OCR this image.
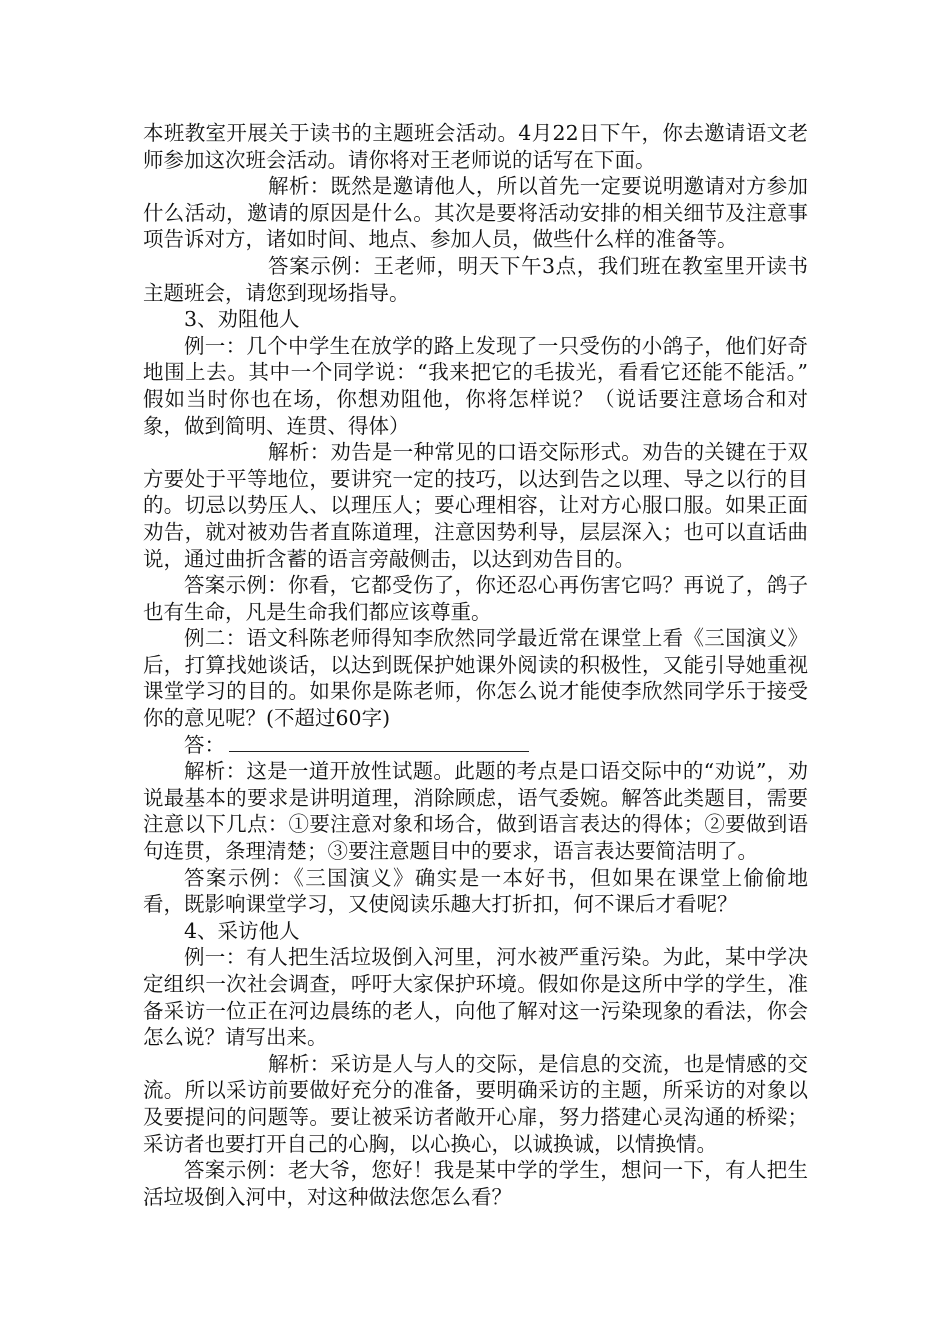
本班教室开展关于读书的主题班会活动。4月22日下午，你去邀请语文老师参加这次班会活动。请你将对王老师说的话写在下面。

解析：既然是邀请他人，所以首先一定要说明邀请对方参加什么活动，邀请的原因是什么。其次是要将活动安排的相关细节及注意事项告诉对方，诸如时间、地点、参加人员，做些什么样的准备等。

答案示例：王老师，明天下午3点，我们班在教室里开读书主题班会，请您到现场指导。

3、劝阻他人

例一：几个中学生在放学的路上发现了一只受伤的小鸽子，他们好奇地围上去。其中一个同学说：“我来把它的毛拔光，看看它还能不能活。”　假如当时你也在场，你想劝阻他，你将怎样说？（说话要注意场合和对象，做到简明、连贯、得体）

解析：劝告是一种常见的口语交际形式。劝告的关键在于双方要处于平等地位，要讲究一定的技巧，以达到告之以理、导之以行的目的。切忌以势压人、以理压人；要心理相容，让对方心服口服。如果正面劝告，就对被劝告者直陈道理，注意因势利导，层层深入；也可以直话曲说，通过曲折含蓄的语言旁敲侧击，以达到劝告目的。

答案示例：你看，它都受伤了，你还忍心再伤害它吗？再说了，鸽子也有生命，凡是生命我们都应该尊重。

例二：语文科陈老师得知李欣然同学最近常在课堂上看《三国演义》后，打算找她谈话，以达到既保护她课外阅读的积极性，又能引导她重视课堂学习的目的。如果你是陈老师，你怎么说才能使李欣然同学乐于接受你的意见呢？(不超过60字)

答：

解析：这是一道开放性试题。此题的考点是口语交际中的“劝说”，劝说最基本的要求是讲明道理，消除顾虑，语气委婉。解答此类题目，需要注意以下几点：①要注意对象和场合，做到语言表达的得体；②要做到语句连贯，条理清楚；③要注意题目中的要求，语言表达要简洁明了。

答案示例：《三国演义》确实是一本好书，但如果在课堂上偷偷地看，既影响课堂学习，又使阅读乐趣大打折扣，何不课后才看呢？

4、采访他人

例一：有人把生活垃圾倒入河里，河水被严重污染。为此，某中学决定组织一次社会调查，呼吁大家保护环境。假如你是这所中学的学生，准备采访一位正在河边晨练的老人，向他了解对这一污染现象的看法，你会怎么说？请写出来。

解析：采访是人与人的交际，是信息的交流，也是情感的交流。所以采访前要做好充分的准备，要明确采访的主题，所采访的对象以及要提问的问题等。要让被采访者敞开心扉，努力搭建心灵沟通的桥梁；采访者也要打开自己的心胸，以心换心，以诚换诚，以情换情。

答案示例：老大爷，您好！我是某中学的学生，想问一下，有人把生活垃圾倒入河中，对这种做法您怎么看？
